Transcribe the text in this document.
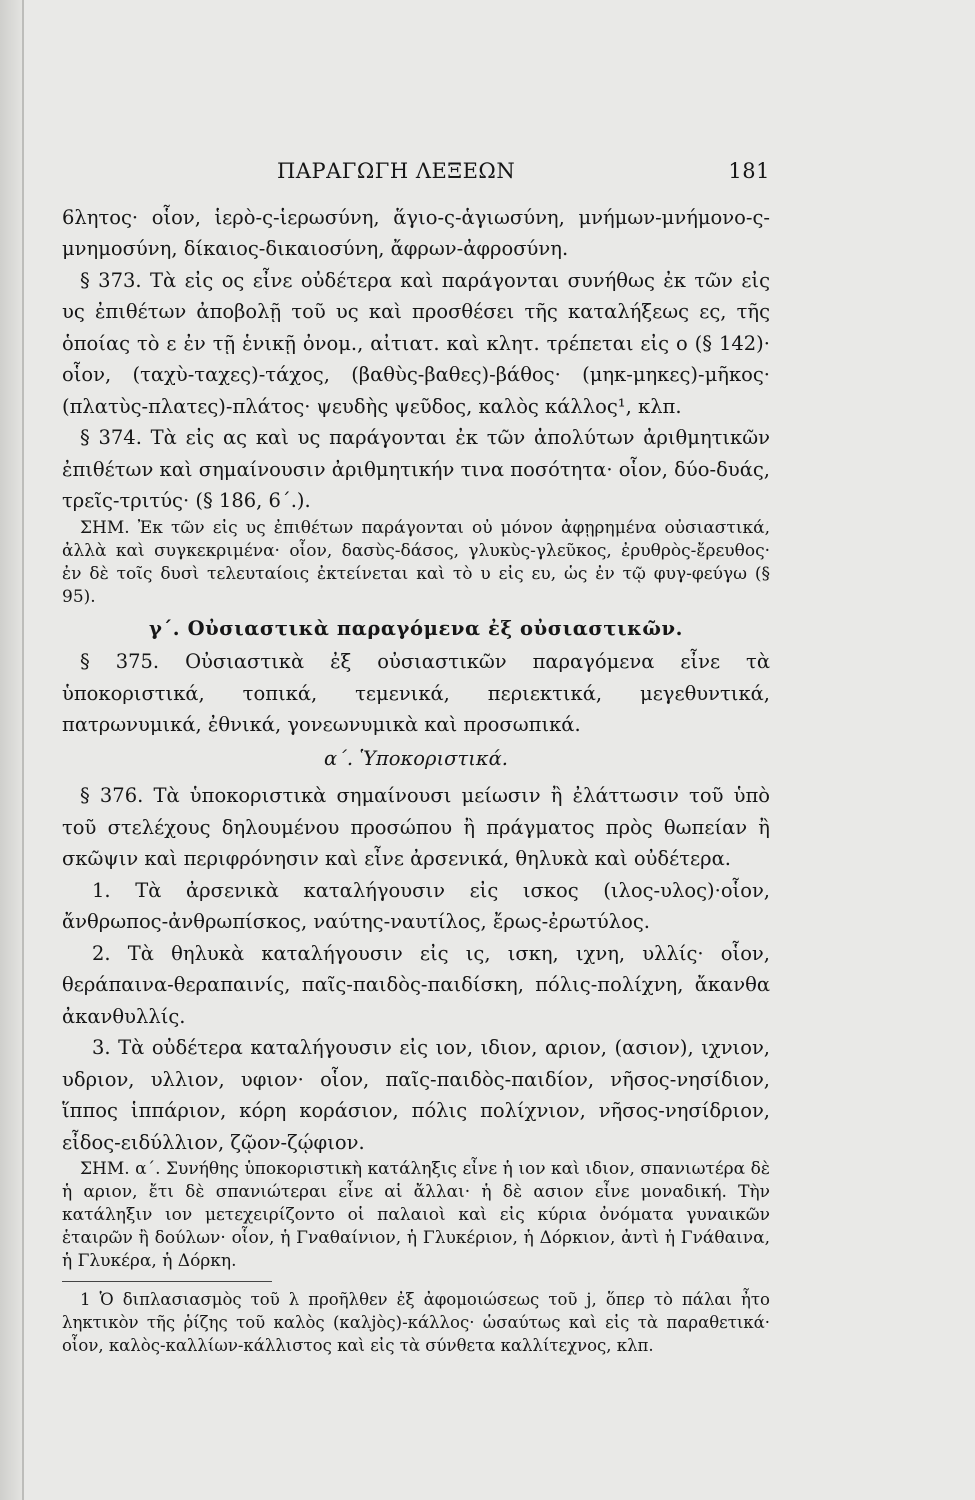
ΠΑΡΑΓΩΓΗ ΛΕΞΕΩΝ	181

6λητος· οἷον, ἱερὸ-ς-ἱερωσύνη, ἅγιο-ς-ἁγιωσύνη, μνήμων-μνήμονο-ς-μνημοσύνη, δίκαιος-δικαιοσύνη, ἄφρων-ἀφροσύνη.

§ 373. Τὰ εἰς ος εἶνε οὐδέτερα καὶ παράγονται συνήθως ἐκ τῶν εἰς υς ἐπιθέτων ἀποβολῇ τοῦ υς καὶ προσθέσει τῆς καταλήξεως ες, τῆς ὁποίας τὸ ε ἐν τῇ ἑνικῇ ὀνομ., αἰτιατ. καὶ κλητ. τρέπεται εἰς ο (§ 142)· οἷον, (ταχὺ-ταχες)-τάχος, (βαθὺς-βαθες)-βάθος· (μηκ-μηκες)-μῆκος· (πλατὺς-πλατες)-πλάτος· ψευδὴς ψεῦδος, καλὸς κάλλος¹, κλπ.

§ 374. Τὰ εἰς ας καὶ υς παράγονται ἐκ τῶν ἀπολύτων ἀριθμητικῶν ἐπιθέτων καὶ σημαίνουσιν ἀριθμητικήν τινα ποσότητα· οἷον, δύο-δυάς, τρεῖς-τριτύς· (§ 186, 6΄.).

ΣΗΜ. Ἐκ τῶν εἰς υς ἐπιθέτων παράγονται οὐ μόνον ἀφῃρημένα οὐσιαστικά, ἀλλὰ καὶ συγκεκριμένα· οἷον, δασὺς-δάσος, γλυκὺς-γλεῦκος, ἐρυθρὸς-ἔρευθος· ἐν δὲ τοῖς δυσὶ τελευταίοις ἐκτείνεται καὶ τὸ υ εἰς ευ, ὡς ἐν τῷ φυγ-φεύγω (§ 95).

γ΄. Οὐσιαστικὰ παραγόμενα ἐξ οὐσιαστικῶν.

§ 375. Οὐσιαστικὰ ἐξ οὐσιαστικῶν παραγόμενα εἶνε τὰ ὑποκοριστικά, τοπικά, τεμενικά, περιεκτικά, μεγεθυντικά, πατρωνυμικά, ἐθνικά, γονεωνυμικὰ καὶ προσωπικά.

α΄. Ὑποκοριστικά.

§ 376. Τὰ ὑποκοριστικὰ σημαίνουσι μείωσιν ἢ ἐλάττωσιν τοῦ ὑπὸ τοῦ στελέχους δηλουμένου προσώπου ἢ πράγματος πρὸς θωπείαν ἢ σκῶψιν καὶ περιφρόνησιν καὶ εἶνε ἀρσενικά, θηλυκὰ καὶ οὐδέτερα.

1. Τὰ ἀρσενικὰ καταλήγουσιν εἰς ισκος (ιλος-υλος)·οἷον, ἄνθρωπος-ἀνθρωπίσκος, ναύτης-ναυτίλος, ἔρως-ἐρωτύλος.

2. Τὰ θηλυκὰ καταλήγουσιν εἰς ις, ισκη, ιχνη, υλλίς· οἷον, θεράπαινα-θεραπαινίς, παῖς-παιδὸς-παιδίσκη, πόλις-πολίχνη, ἄκανθα ἀκανθυλλίς.

3. Τὰ οὐδέτερα καταλήγουσιν εἰς ιον, ιδιον, αριον, (ασιον), ιχνιον, υδριον, υλλιον, υφιον· οἷον, παῖς-παιδὸς-παιδίον, νῆσος-νησίδιον, ἵππος ἱππάριον, κόρη κοράσιον, πόλις πολίχνιον, νῆσος-νησίδριον, εἶδος-ειδύλλιον, ζῷον-ζῴφιον.

ΣΗΜ. α΄. Συνήθης ὑποκοριστικὴ κατάληξις εἶνε ἡ ιον καὶ ιδιον, σπανιωτέρα δὲ ἡ αριον, ἔτι δὲ σπανιώτεραι εἶνε αἱ ἄλλαι· ἡ δὲ ασιον εἶνε μοναδική. Τὴν κατάληξιν ιον μετεχειρίζοντο οἱ παλαιοὶ καὶ εἰς κύρια ὀνόματα γυναικῶν ἑταιρῶν ἢ δούλων· οἷον, ἡ Γναθαίνιον, ἡ Γλυκέριον, ἡ Δόρκιον, ἀντὶ ἡ Γνάθαινα, ἡ Γλυκέρα, ἡ Δόρκη.

1 Ὁ διπλασιασμὸς τοῦ λ προῆλθεν ἐξ ἀφομοιώσεως τοῦ j, ὅπερ τὸ πάλαι ἦτο ληκτικὸν τῆς ῥίζης τοῦ καλὸς (καλjὸς)-κάλλος· ὡσαύτως καὶ εἰς τὰ παραθετικά· οἷον, καλὸς-καλλίων-κάλλιστος καὶ εἰς τὰ σύνθετα καλλίτεχνος, κλπ.
